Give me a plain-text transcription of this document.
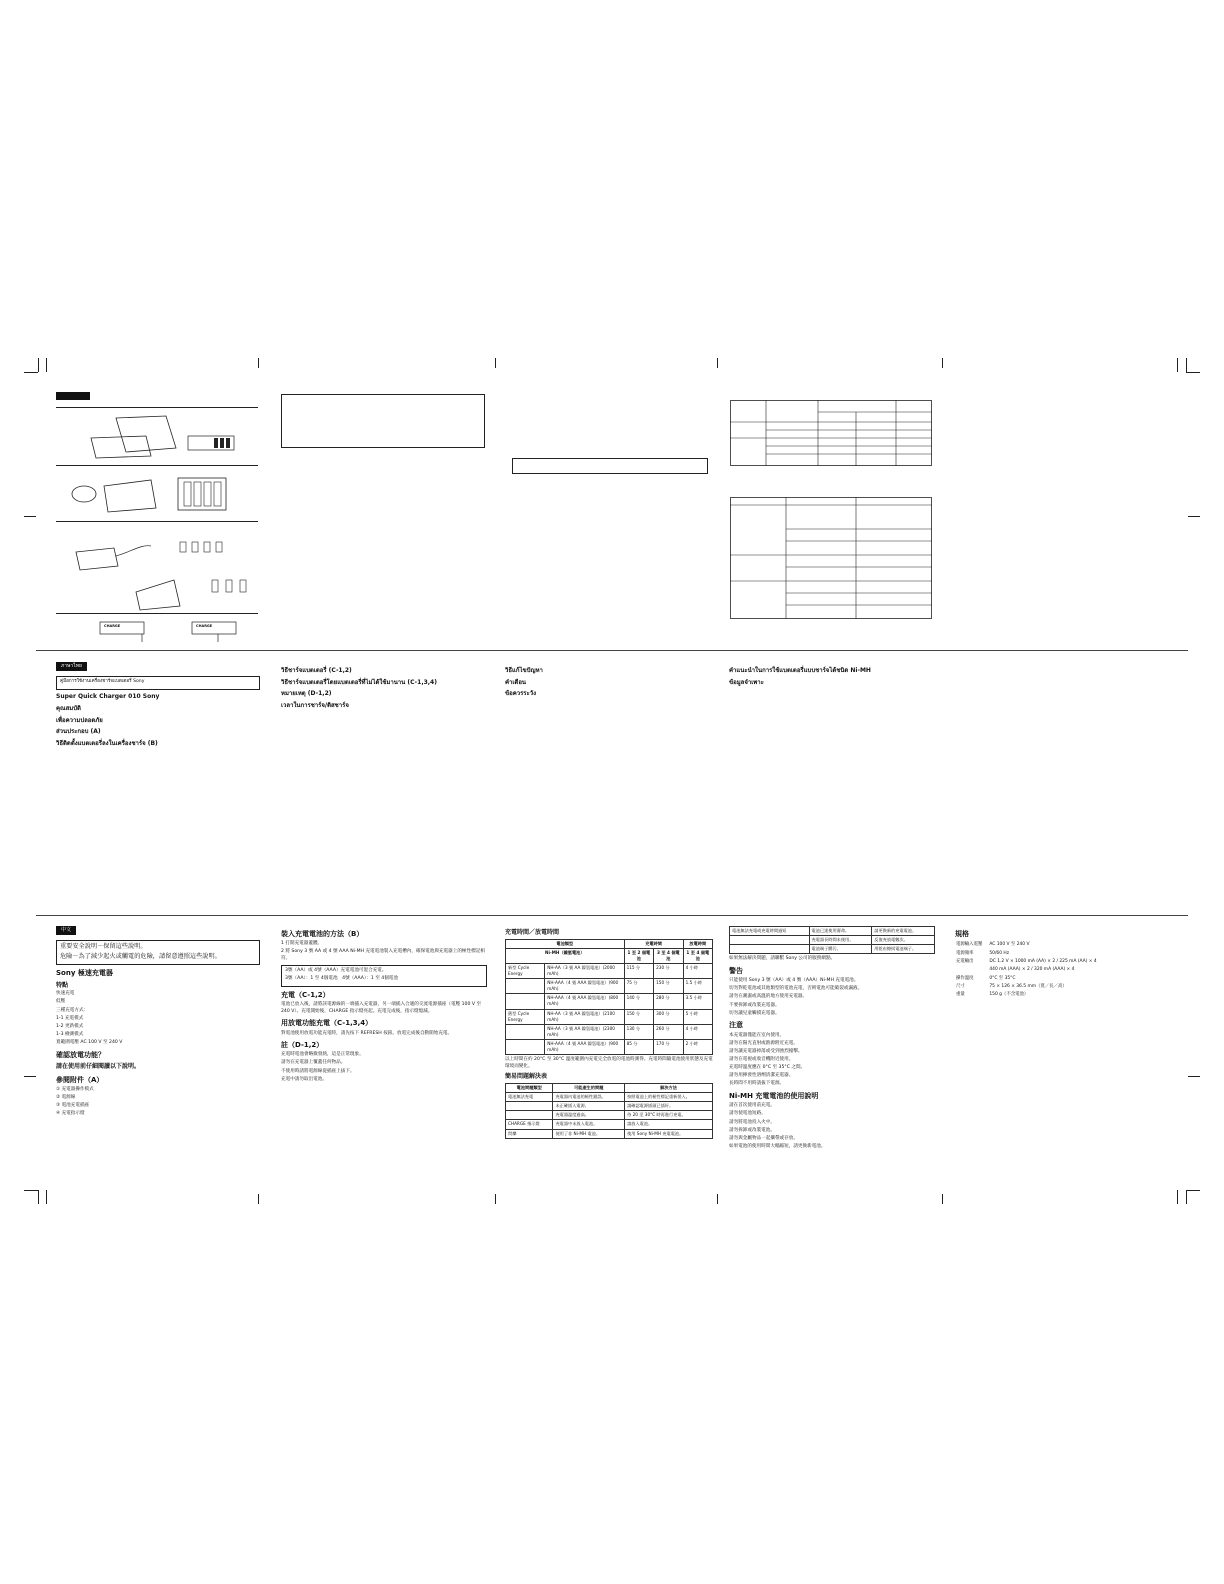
CHARGE	CHARGE
ภาษาไทย

คู่มือการใช้งานเครื่องชาร์จแบตเตอรี่ Sony

Super Quick Charger 010 Sony
คุณสมบัติ
เพื่อความปลอดภัย
ส่วนประกอบ (A)
วิธีติดตั้งแบตเตอรี่ลงในเครื่องชาร์จ (B)
วิธีชาร์จแบตเตอรี่ (C-1,2)
วิธีชาร์จแบตเตอรี่โดยแบตเตอรี่ที่ไม่ได้ใช้มานาน (C-1,3,4)
หมายเหตุ (D-1,2)
เวลาในการชาร์จ/ดิสชาร์จ
วิธีแก้ไขปัญหา
คำเตือน
ข้อควรระวัง
คำแนะนำในการใช้แบตเตอรี่แบบชาร์จได้ชนิด Ni-MH
ข้อมูลจำเพาะ
中文

重要安全說明－保留這些說明。

危險－為了減少起火或觸電的危險，請留意遵照這些說明。

Sony 極速充電器
特點

快速充電

低壓

三種充電方式：

1-1 充電模式

1-2 更新模式

1-3 檢測模式

寬範圍電壓 AC 100 V 至 240 V

確認放電功能？
請在使用前仔細閱讀以下說明。
參閱附件（A）

① 充電器操作模式

② 電源線

③ 電池充電插座

④ 充電指示燈

裝入充電電池的方法（B）

1 打開充電器蓋體。

2 將 Sony 3 號 AA 或 4 號 AAA Ni-MH 充電電池裝入充電槽內，確保電池與充電器上的極性標記相符。

3號（AA）或 4號（AAA）充電電池可混合充電。

3號（AA）：1 至 4個電池　4號（AAA）：1 至 4個電池

充電（C-1,2）

電池已放入後，請將該電源線的一端插入充電器，另一端插入合適的交流電源插座（電壓 100 V 至 240 V）。充電開始後，CHARGE 指示燈亮起。充電完成後，指示燈熄滅。

用放電功能充電（C-1,3,4）

對電池使用放電功能充電時，請先按下 REFRESH 按鈕。放電完成後自動開始充電。

註（D-1,2）

充電時電池會略微發熱，這是正常現象。

請勿在充電器上覆蓋任何物品。

不使用時請將電源線從插座上拔下。

充電中請勿取出電池。

充電時間／放電時間
電池類型		充電時間		放電時間
Ni-MH（鎳氫電池）		1 至 2 個電池	3 至 4 個電池	1 至 4 個電池
新型 Cycle Energy	NH-AA（3 號 AA 鎳氫電池）(2000 mAh)	115 分	230 分	4 小時
	NH-AAA（4 號 AAA 鎳氫電池）(900 mAh)	75 分	150 分	1.5 小時
	NH-AAA（4 號 AAA 鎳氫電池）(800 mAh)	140 分	280 分	3.5 小時
舊型 Cycle Energy	NH-AA（3 號 AA 鎳氫電池）(2100 mAh)	150 分	300 分	5 小時
	NH-AA（3 號 AA 鎳氫電池）(2300 mAh)	130 分	260 分	4 小時
	NH-AAA（4 號 AAA 鎳氫電池）(900 mAh)	85 分	170 分	2 小時

以上時間在約 20°C 至 30°C 溫度範圍內充電完全放電的電池時測得。充電時間隨電池使用狀態及充電環境而變化。

簡易問題解決表
電池問題類型	可能產生的問題	解決方法
電池無法充電	充電器內電池的極性錯誤。	按照電池上的極性標記重新裝入。
	未正確插入電源。	請確認電源插頭已插好。
	充電器溫度過高。	待 20 至 30°C 時再進行充電。
CHARGE 指示燈	充電器中未放入電池。	請放入電池。
閃爍	使用了非 Ni-MH 電池。	使用 Sony Ni-MH 充電電池。
電池無法充電或充電時間過短	電池已達使用壽命。	請更換新的充電電池。
	充電器長時間未使用。	反復充放電數次。
	電池端子髒污。	用乾布擦拭電池端子。

如果無法解決問題，請聯繫 Sony 公司的服務網點。

警告

只能使用 Sony 3 號（AA）或 4 號（AAA）Ni-MH 充電電池。

切勿對乾電池或其他類型的電池充電，否則電池可能破裂或漏液。

請勿在潮濕或高溫的地方使用充電器。

不要拆卸或改裝充電器。

切勿讓兒童觸摸充電器。

注意

本充電器僅能在室內使用。

請勿在陽光直射或熱源附近充電。

請勿讓充電器掉落或受到強烈撞擊。

請勿在電視或收音機附近使用。

充電時溫度應在 0°C 至 35°C 之間。

請勿用揮發性溶劑清潔充電器。

長時間不用時請拔下電源。

Ni-MH 充電電池的使用說明

請在首次使用前充電。

請勿使電池短路。

請勿將電池投入火中。

請勿拆卸或改裝電池。

請勿與金屬物品一起攜帶或存放。

如果電池的使用時間大幅縮短，請更換新電池。

規格
電源輸入電壓	AC 100 V 至 240 V
電源頻率	50/60 Hz
充電輸出	DC 1.2 V × 1000 mA (AA) × 2 / 225 mA (AA) × 4
	440 mA (AAA) × 2 / 320 mA (AAA) × 4
操作溫度	0°C 至 35°C
尺寸	75 × 126 × 36.5 mm（寬／長／高）
重量	150 g（不含電池）
